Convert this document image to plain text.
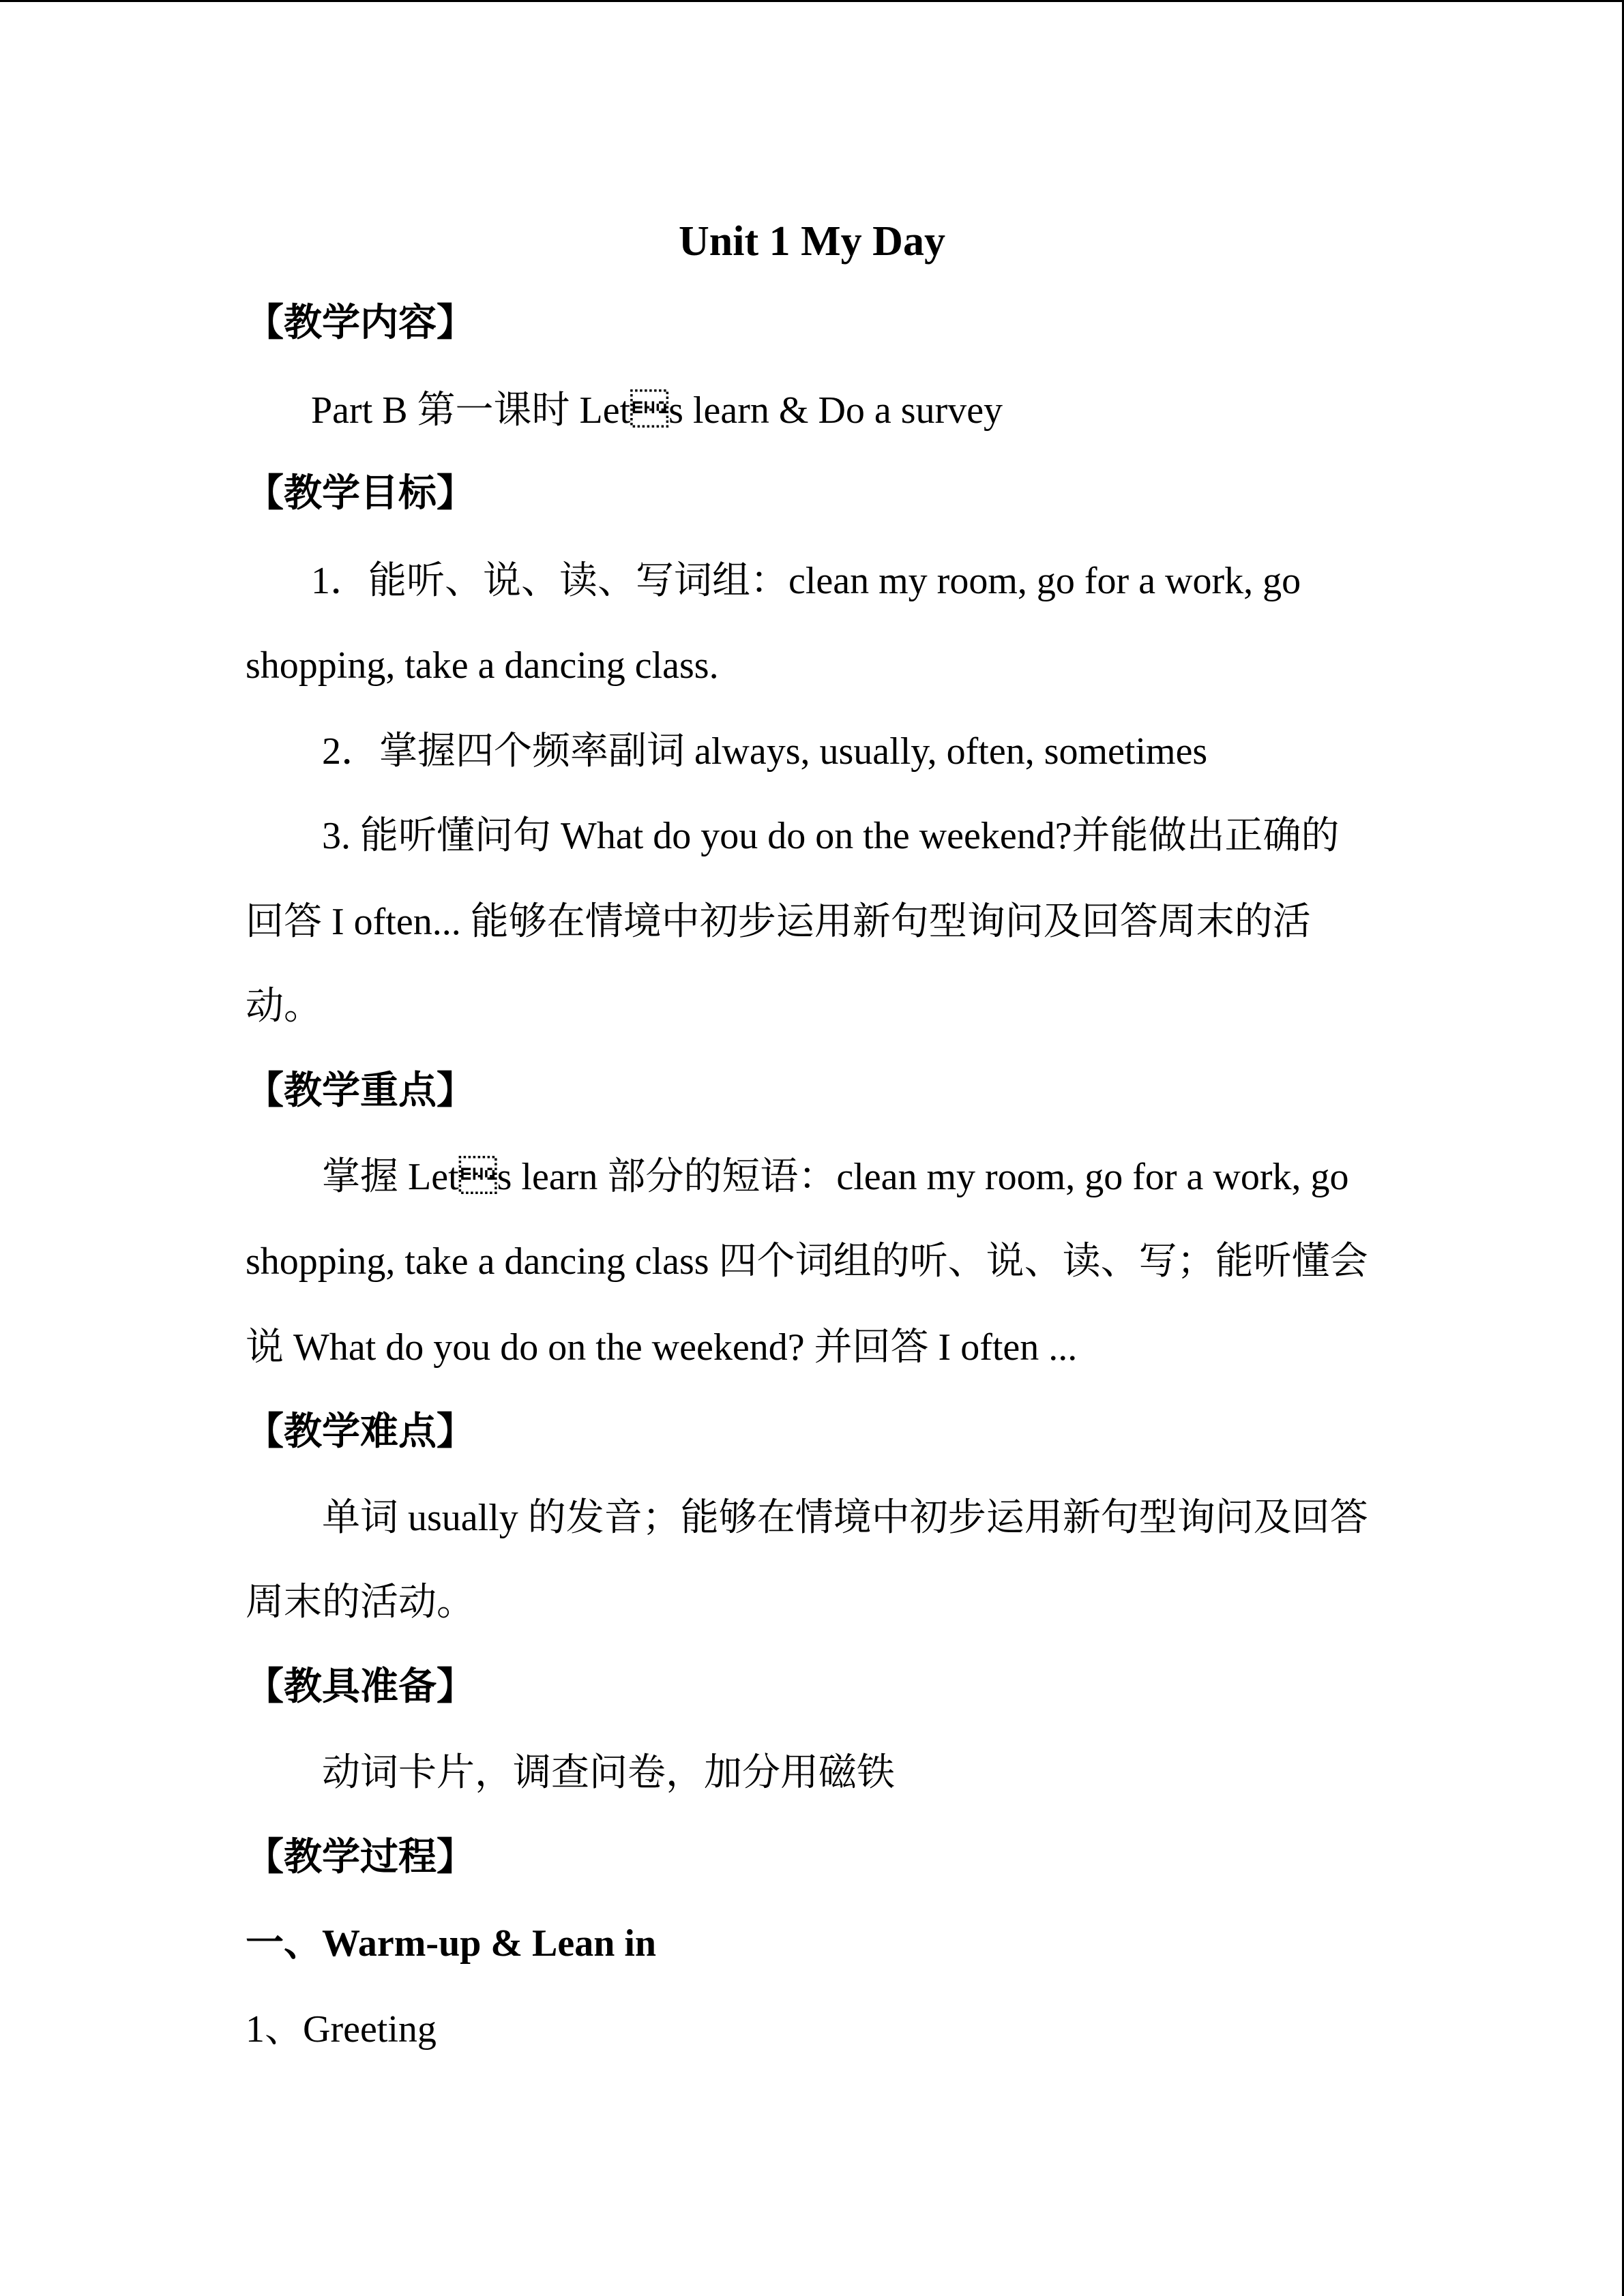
Unit 1 My Day
【教学内容】
Part B 第一课时 Lets learn & Do a survey
【教学目标】
1．能听、说、读、写词组：clean my room, go for a work, go
shopping, take a dancing class.
2．掌握四个频率副词 always, usually, often, sometimes
3. 能听懂问句 What do you do on the weekend?并能做出正确的
回答 I often... 能够在情境中初步运用新句型询问及回答周末的活
动。
【教学重点】
掌握 Lets learn 部分的短语：clean my room, go for a work, go
shopping, take a dancing class 四个词组的听、说、读、写；能听懂会
说 What do you do on the weekend? 并回答 I often ...
【教学难点】
单词 usually 的发音；能够在情境中初步运用新句型询问及回答
周末的活动。
【教具准备】
动词卡片，调查问卷，加分用磁铁
【教学过程】
一、Warm-up & Lean in
1、Greeting
